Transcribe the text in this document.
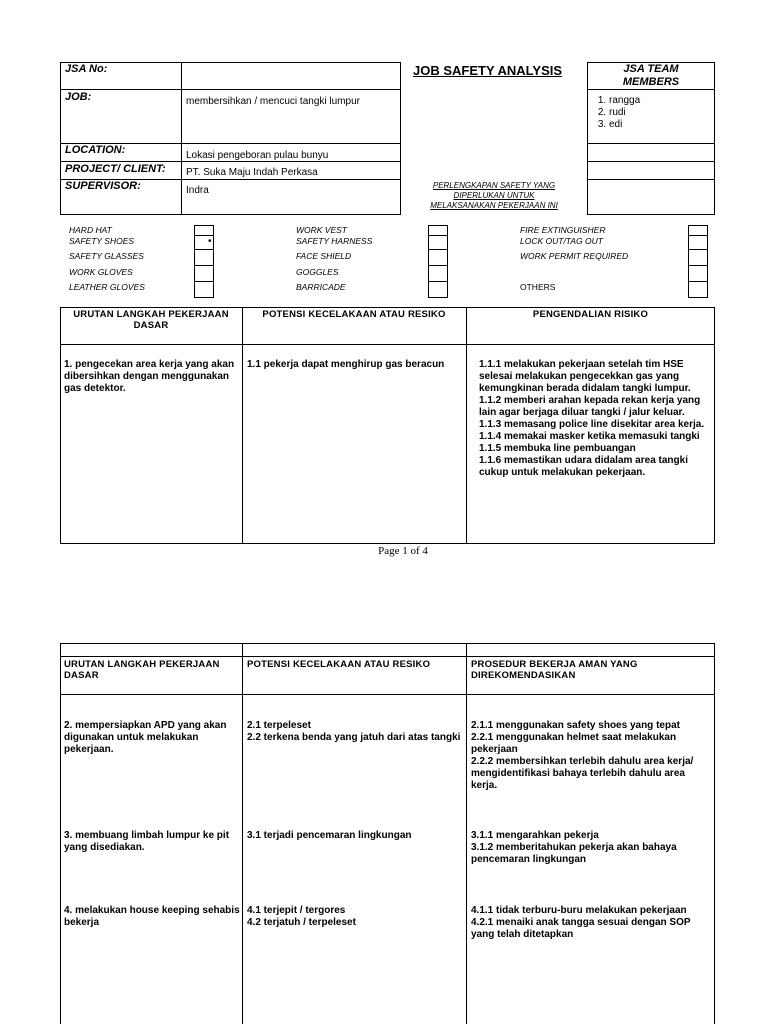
JSA No:	JOB SAFETY ANALYSIS	JSA TEAM
MEMBERS
JOB:	membersihkan / mencuci tangki lumpur
1.	rangga
2. rudi
3. edi
LOCATION:	Lokasi pengeboran pulau bunyu
PROJECT/ CLIENT: PT. Suka Maju Indah Perkasa
SUPERVISOR:	Indra	PERLENGKAPAN SAFETY YANG
DIPERLUKAN UNTUK
MELAKSANAKAN PEKERJAAN INI
HARD HAT
SAFETY SHOES
SAFETY GLASSES
WORK GLOVES
LEATHER GLOVES
•
WORK VEST
SAFETY HARNESS
FACE SHIELD
GOGGLES
BARRICADE
FIRE EXTINGUISHER
LOCK OUT/TAG OUT
WORK PERMIT REQUIRED
OTHERS
URUTAN LANGKAH PEKERJAAN DASAR
POTENSI KECELAKAAN ATAU RESIKO	PENGENDALIAN RISIKO
1. pengecekan area kerja yang akan dibersihkan dengan menggunakan gas detektor.
1.1 pekerja dapat menghirup gas beracun	1.1.1 melakukan pekerjaan setelah tim HSE selesai melakukan pengecekkan gas yang kemungkinan berada didalam tangki lumpur.
1.1.2 memberi arahan kepada rekan kerja yang lain agar berjaga diluar tangki / jalur keluar.
1.1.3 memasang police line disekitar area kerja.
1.1.4 memakai masker ketika memasuki tangki
1.1.5 membuka line pembuangan
1.1.6 memastikan udara didalam area tangki cukup untuk melakukan pekerjaan.
Page 1 of 4
URUTAN LANGKAH PEKERJAAN DASAR
POTENSI KECELAKAAN ATAU RESIKO	PROSEDUR BEKERJA AMAN YANG DIREKOMENDASIKAN
2. mempersiapkan APD yang akan digunakan untuk melakukan pekerjaan.
2.1 terpeleset
2.2 terkena benda yang jatuh dari atas tangki
2.1.1 menggunakan safety shoes yang tepat
2.2.1 menggunakan helmet saat melakukan pekerjaan
2.2.2 membersihkan terlebih dahulu area kerja/ mengidentifikasi bahaya terlebih dahulu area kerja.
3. membuang limbah lumpur ke pit yang disediakan.
3.1 terjadi pencemaran lingkungan	3.1.1 mengarahkan pekerja
3.1.2 memberitahukan pekerja akan bahaya pencemaran lingkungan
4. melakukan house keeping sehabis bekerja
4.1 terjepit / tergores
4.2 terjatuh / terpeleset
4.1.1 tidak terburu-buru melakukan pekerjaan
4.2.1 menaiki anak tangga sesuai dengan SOP yang telah ditetapkan
